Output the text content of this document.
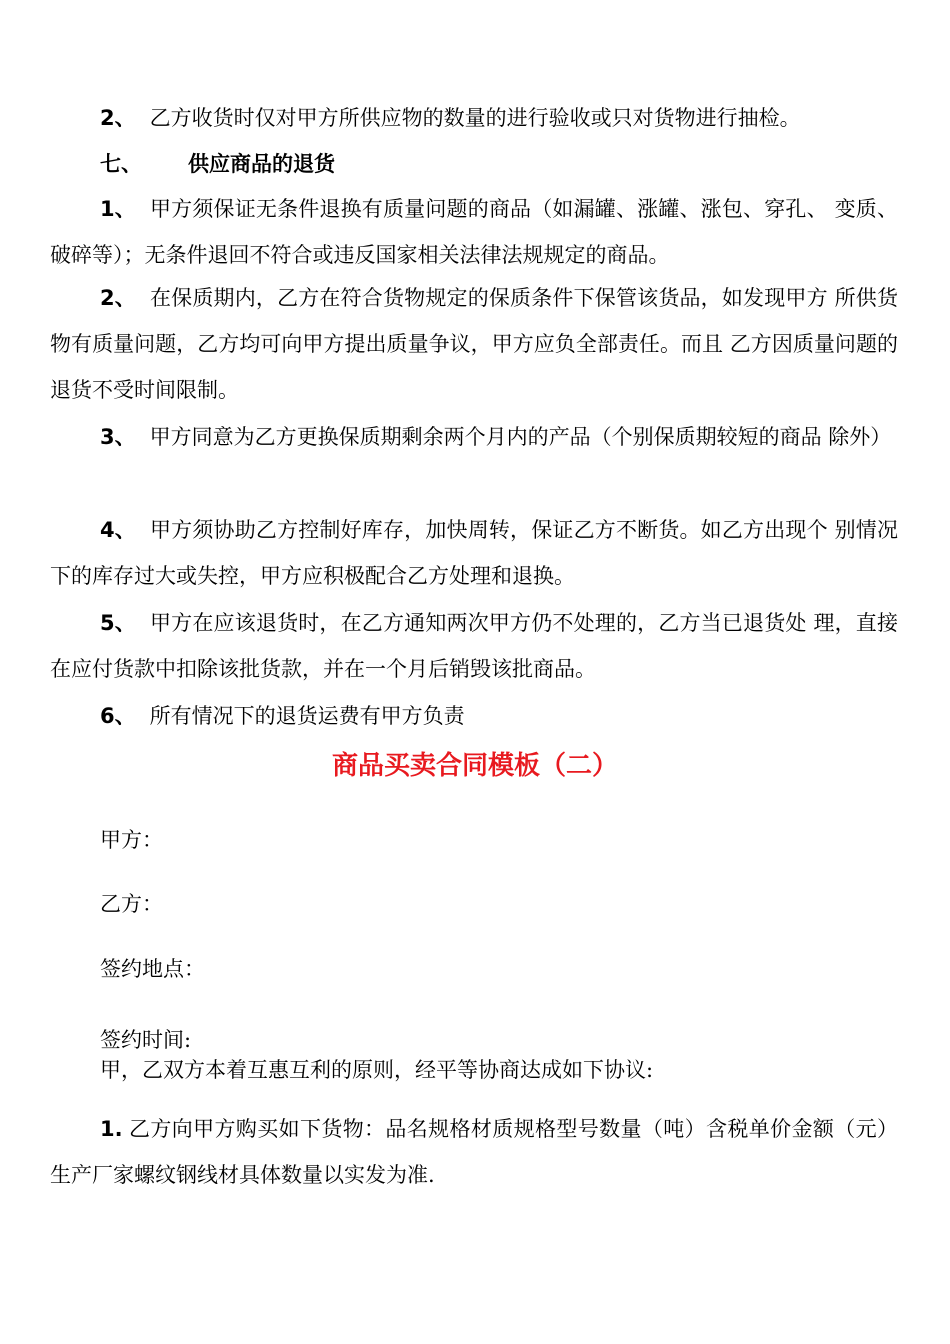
2、 乙方收货时仅对甲方所供应物的数量的进行验收或只对货物进行抽检。
七、 供应商品的退货
1、 甲方须保证无条件退换有质量问题的商品（如漏罐、涨罐、涨包、穿孔、 变质、破碎等）；无条件退回不符合或违反国家相关法律法规规定的商品。
2、 在保质期内，乙方在符合货物规定的保质条件下保管该货品，如发现甲方 所供货物有质量问题，乙方均可向甲方提出质量争议，甲方应负全部责任。而且 乙方因质量问题的退货不受时间限制。
3、 甲方同意为乙方更换保质期剩余两个月内的产品（个别保质期较短的商品 除外）
4、 甲方须协助乙方控制好库存，加快周转，保证乙方不断货。如乙方出现个 别情况下的库存过大或失控，甲方应积极配合乙方处理和退换。
5、 甲方在应该退货时，在乙方通知两次甲方仍不处理的，乙方当已退货处 理，直接在应付货款中扣除该批货款，并在一个月后销毁该批商品。
6、 所有情况下的退货运费有甲方负责
商品买卖合同模板（二）
甲方：
乙方：
签约地点：
签约时间:
甲，乙双方本着互惠互利的原则，经平等协商达成如下协议:
1. 乙方向甲方购买如下货物：品名规格材质规格型号数量（吨）含税单价金额（元）生产厂家螺纹钢线材具体数量以实发为准.
